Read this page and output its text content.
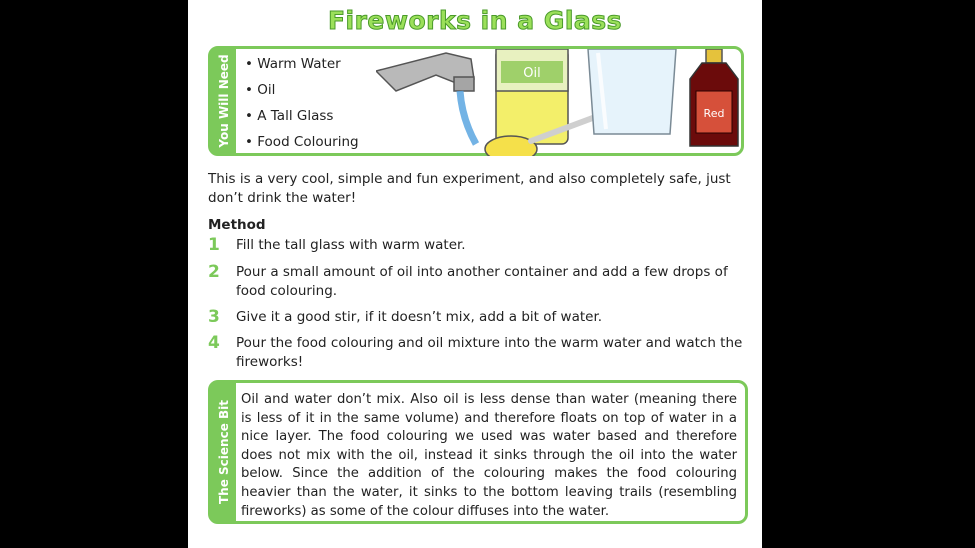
Fireworks in a Glass
You Will Need
•	Warm Water
• Oil
• A Tall Glass
• Food Colouring
Oil
Red
This is a very cool, simple and fun experiment, and also completely safe, just don’t drink the water!
Method
1 Fill the tall glass with warm water.
2 Pour a small amount of oil into another container and add a few drops of food colouring.
3 Give it a good stir, if it doesn’t mix, add a bit of water.
4 Pour the food colouring and oil mixture into the warm water and watch the fireworks!
The Science Bit
Oil and water don’t mix. Also oil is less dense than water (meaning there is less of it in the same volume) and therefore floats on top of water in a nice layer. The food colouring we used was water based and therefore does not mix with the oil, instead it sinks through the oil into the water below. Since the addition of the colouring makes the food colouring heavier than the water, it sinks to the bottom leaving trails (resembling fireworks) as some of the colour diffuses into the water.
